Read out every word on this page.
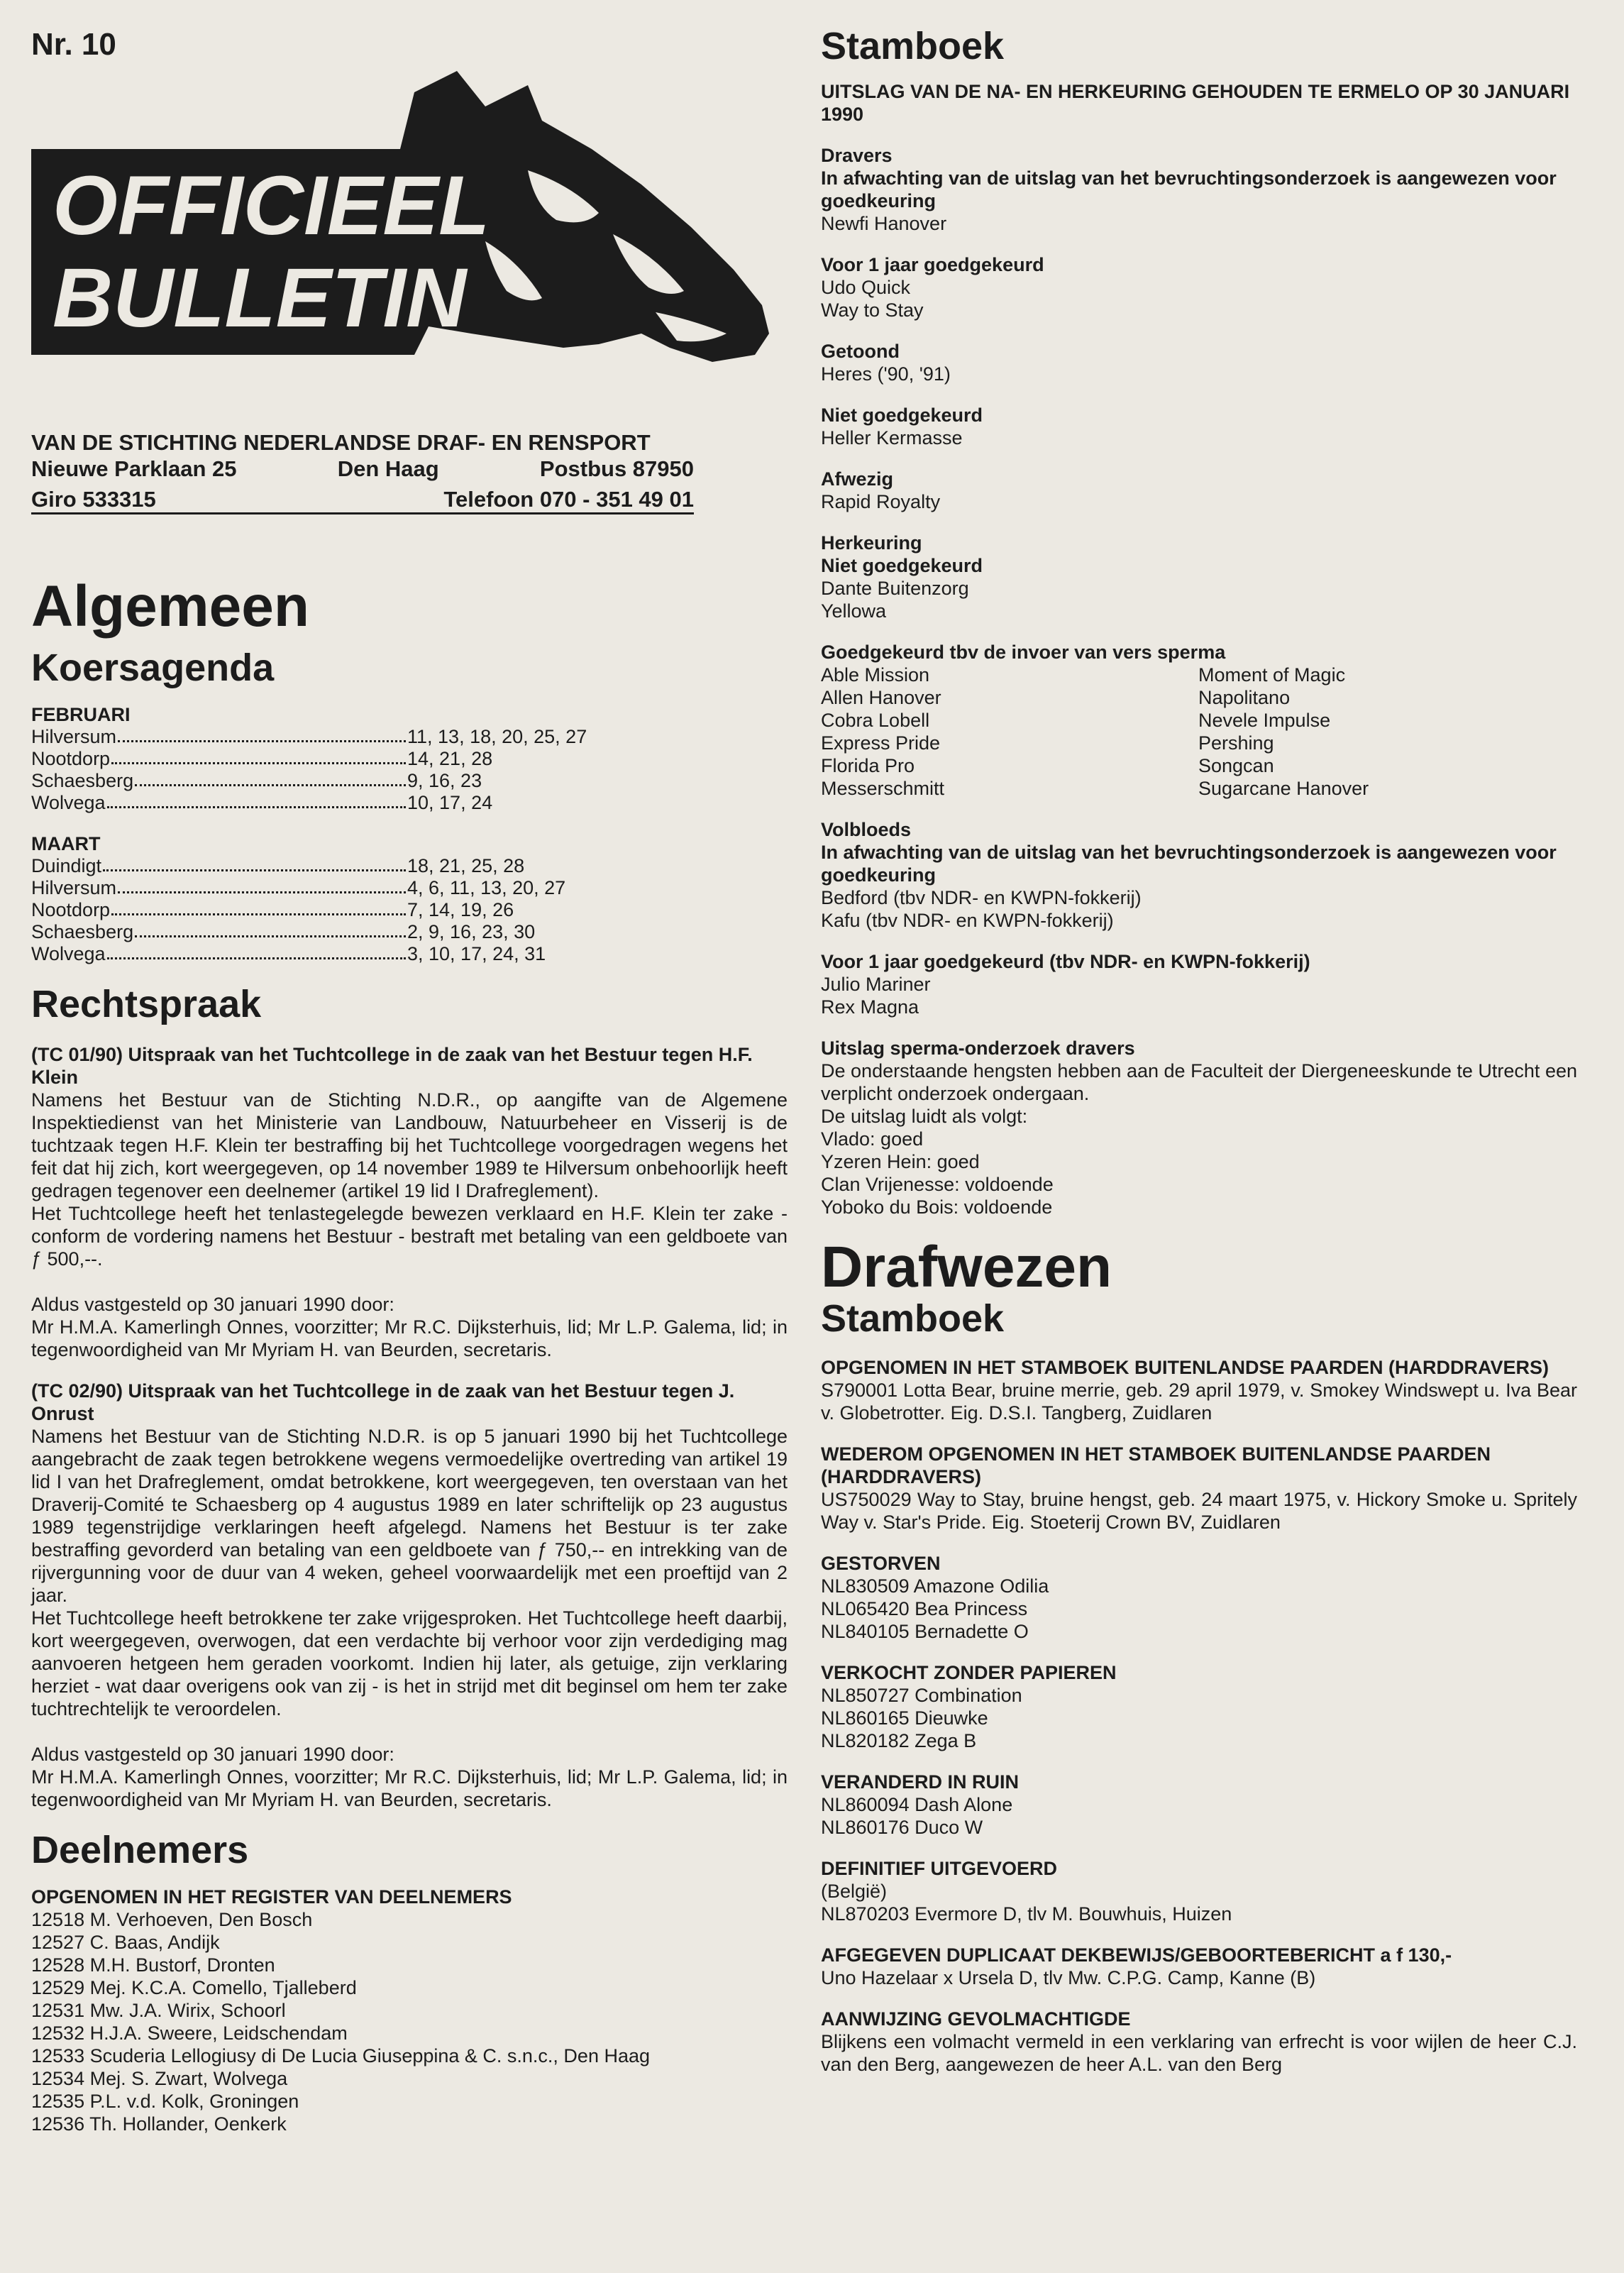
Nr. 10
OFFICIEEL
BULLETIN
VAN DE STICHTING NEDERLANDSE DRAF- EN RENSPORT
Nieuwe Parklaan 25	Den Haag	Postbus 87950
Giro 533315	Telefoon 070 - 351 49 01
Algemeen
Koersagenda
FEBRUARI
Hilversum	11, 13, 18, 20, 25, 27
Nootdorp	14, 21, 28
Schaesberg	9, 16, 23
Wolvega	10, 17, 24
MAART
Duindigt	18, 21, 25, 28
Hilversum	4, 6, 11, 13, 20, 27
Nootdorp	7, 14, 19, 26
Schaesberg	2, 9, 16, 23, 30
Wolvega	3, 10, 17, 24, 31
Rechtspraak
(TC 01/90) Uitspraak van het Tuchtcollege in de zaak van het Bestuur tegen H.F. Klein
Namens het Bestuur van de Stichting N.D.R., op aangifte van de Algemene Inspektiedienst van het Ministerie van Landbouw, Natuurbeheer en Visserij is de tuchtzaak tegen H.F. Klein ter bestraffing bij het Tuchtcollege voorgedragen wegens het feit dat hij zich, kort weergegeven, op 14 november 1989 te Hilversum onbehoorlijk heeft gedragen tegenover een deelnemer (artikel 19 lid I Drafreglement).
Het Tuchtcollege heeft het tenlastegelegde bewezen verklaard en H.F. Klein ter zake - conform de vordering namens het Bestuur - bestraft met betaling van een geldboete van ƒ 500,--.
Aldus vastgesteld op 30 januari 1990 door:
Mr H.M.A. Kamerlingh Onnes, voorzitter; Mr R.C. Dijksterhuis, lid; Mr L.P. Galema, lid; in tegenwoordigheid van Mr Myriam H. van Beurden, secretaris.
(TC 02/90) Uitspraak van het Tuchtcollege in de zaak van het Bestuur tegen J. Onrust
Namens het Bestuur van de Stichting N.D.R. is op 5 januari 1990 bij het Tuchtcollege aangebracht de zaak tegen betrokkene wegens vermoedelijke overtreding van artikel 19 lid I van het Drafreglement, omdat betrokkene, kort weergegeven, ten overstaan van het Draverij-Comité te Schaesberg op 4 augustus 1989 en later schriftelijk op 23 augustus 1989 tegenstrijdige verklaringen heeft afgelegd. Namens het Bestuur is ter zake bestraffing gevorderd van betaling van een geldboete van ƒ 750,-- en intrekking van de rijvergunning voor de duur van 4 weken, geheel voorwaardelijk met een proeftijd van 2 jaar.
Het Tuchtcollege heeft betrokkene ter zake vrijgesproken. Het Tuchtcollege heeft daarbij, kort weergegeven, overwogen, dat een verdachte bij verhoor voor zijn verdediging mag aanvoeren hetgeen hem geraden voorkomt. Indien hij later, als getuige, zijn verklaring herziet - wat daar overigens ook van zij - is het in strijd met dit beginsel om hem ter zake tuchtrechtelijk te veroordelen.
Aldus vastgesteld op 30 januari 1990 door:
Mr H.M.A. Kamerlingh Onnes, voorzitter; Mr R.C. Dijksterhuis, lid; Mr L.P. Galema, lid; in tegenwoordigheid van Mr Myriam H. van Beurden, secretaris.
Deelnemers
OPGENOMEN IN HET REGISTER VAN DEELNEMERS
12518 M. Verhoeven, Den Bosch
12527 C. Baas, Andijk
12528 M.H. Bustorf, Dronten
12529 Mej. K.C.A. Comello, Tjalleberd
12531 Mw. J.A. Wirix, Schoorl
12532 H.J.A. Sweere, Leidschendam
12533 Scuderia Lellogiusy di De Lucia Giuseppina & C. s.n.c., Den Haag
12534 Mej. S. Zwart, Wolvega
12535 P.L. v.d. Kolk, Groningen
12536 Th. Hollander, Oenkerk
Stamboek
UITSLAG VAN DE NA- EN HERKEURING GEHOUDEN TE ERMELO OP 30 JANUARI 1990
Dravers
In afwachting van de uitslag van het bevruchtingsonderzoek is aangewezen voor goedkeuring
Newfi Hanover
Voor 1 jaar goedgekeurd
Udo Quick
Way to Stay
Getoond
Heres ('90, '91)
Niet goedgekeurd
Heller Kermasse
Afwezig
Rapid Royalty
Herkeuring
Niet goedgekeurd
Dante Buitenzorg
Yellowa
Goedgekeurd tbv de invoer van vers sperma
Able Mission	Moment of Magic
Allen Hanover	Napolitano
Cobra Lobell	Nevele Impulse
Express Pride	Pershing
Florida Pro	Songcan
Messerschmitt	Sugarcane Hanover
Volbloeds
In afwachting van de uitslag van het bevruchtingsonderzoek is aangewezen voor goedkeuring
Bedford (tbv NDR- en KWPN-fokkerij)
Kafu (tbv NDR- en KWPN-fokkerij)
Voor 1 jaar goedgekeurd (tbv NDR- en KWPN-fokkerij)
Julio Mariner
Rex Magna
Uitslag sperma-onderzoek dravers
De onderstaande hengsten hebben aan de Faculteit der Diergeneeskunde te Utrecht een verplicht onderzoek ondergaan.
De uitslag luidt als volgt:
Vlado: goed
Yzeren Hein: goed
Clan Vrijenesse: voldoende
Yoboko du Bois: voldoende
Drafwezen
Stamboek
OPGENOMEN IN HET STAMBOEK BUITENLANDSE PAARDEN (HARDDRAVERS)
S790001 Lotta Bear, bruine merrie, geb. 29 april 1979, v. Smokey Windswept u. Iva Bear v. Globetrotter. Eig. D.S.I. Tangberg, Zuidlaren
WEDEROM OPGENOMEN IN HET STAMBOEK BUITENLANDSE PAARDEN (HARDDRAVERS)
US750029 Way to Stay, bruine hengst, geb. 24 maart 1975, v. Hickory Smoke u. Spritely Way v. Star's Pride. Eig. Stoeterij Crown BV, Zuidlaren
GESTORVEN
NL830509 Amazone Odilia
NL065420 Bea Princess
NL840105 Bernadette O
VERKOCHT ZONDER PAPIEREN
NL850727 Combination
NL860165 Dieuwke
NL820182 Zega B
VERANDERD IN RUIN
NL860094 Dash Alone
NL860176 Duco W
DEFINITIEF UITGEVOERD
(België)
NL870203 Evermore D, tlv M. Bouwhuis, Huizen
AFGEGEVEN DUPLICAAT DEKBEWIJS/GEBOORTEBERICHT a f 130,-
Uno Hazelaar x Ursela D, tlv Mw. C.P.G. Camp, Kanne (B)
AANWIJZING GEVOLMACHTIGDE
Blijkens een volmacht vermeld in een verklaring van erfrecht is voor wijlen de heer C.J. van den Berg, aangewezen de heer A.L. van den Berg
